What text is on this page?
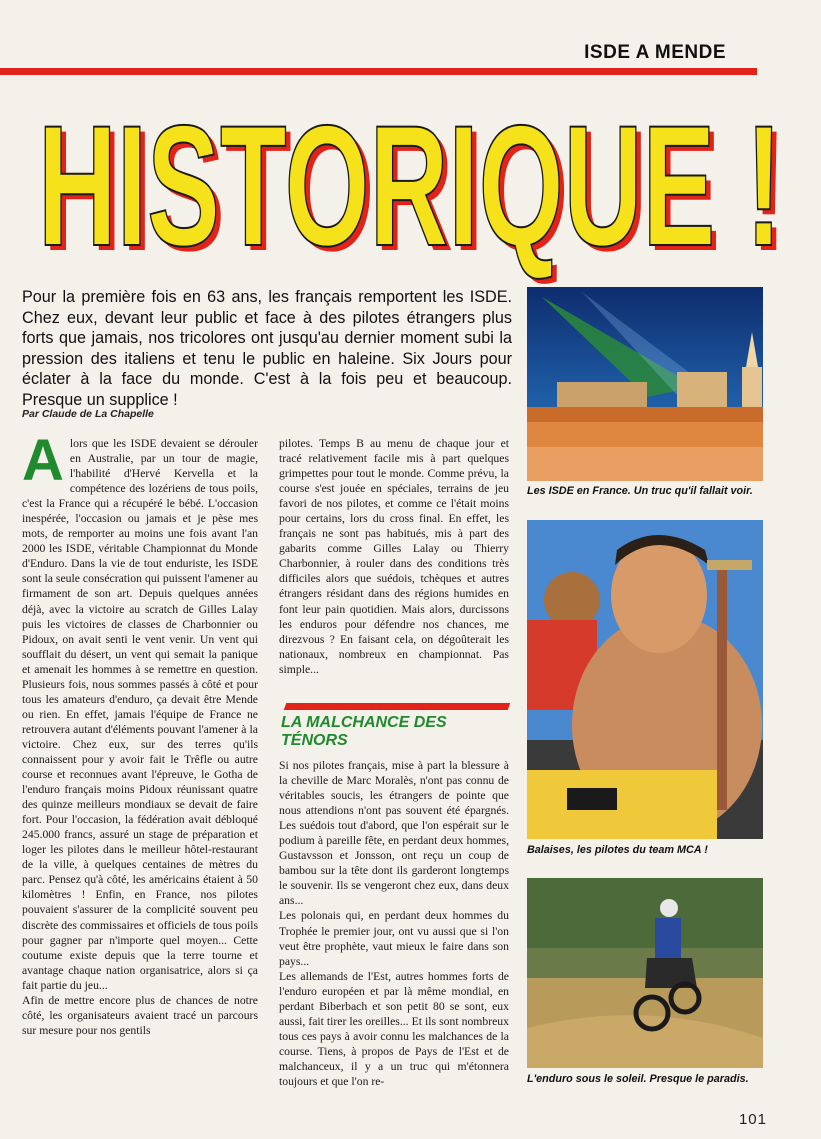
ISDE A MENDE
HISTORIQUE !
HISTORIQUE !

Pour la première fois en 63 ans, les français remportent les ISDE. Chez eux, devant leur public et face à des pilotes étrangers plus forts que jamais, nos tricolores ont jusqu'au dernier moment subi la pression des italiens et tenu le public en haleine. Six Jours pour éclater à la face du monde. C'est à la fois peu et beaucoup. Presque un supplice !

Par Claude de La Chapelle

Alors que les ISDE devaient se dérouler en Australie, par un tour de magie, l'habilité d'Hervé Kervella et la compétence des lozériens de tous poils, c'est la France qui a récupéré le bébé. L'occasion inespérée, l'occasion ou jamais et je pèse mes mots, de remporter au moins une fois avant l'an 2000 les ISDE, véritable Championnat du Monde d'Enduro. Dans la vie de tout enduriste, les ISDE sont la seule consécration qui puissent l'amener au firmament de son art. Depuis quelques années déjà, avec la victoire au scratch de Gilles Lalay puis les victoires de classes de Charbonnier ou Pidoux, on avait senti le vent venir. Un vent qui soufflait du désert, un vent qui semait la panique et amenait les hommes à se remettre en question. Plusieurs fois, nous sommes passés à côté et pour tous les amateurs d'enduro, ça devait être Mende ou rien. En effet, jamais l'équipe de France ne retrouvera autant d'éléments pouvant l'amener à la victoire. Chez eux, sur des terres qu'ils connaissent pour y avoir fait le Trêfle ou autre course et reconnues avant l'épreuve, le Gotha de l'enduro français moins Pidoux réunissant quatre des quinze meilleurs mondiaux se devait de faire fort. Pour l'occasion, la fédération avait débloqué 245.000 francs, assuré un stage de préparation et loger les pilotes dans le meilleur hôtel-restaurant de la ville, à quelques centaines de mètres du parc. Pensez qu'à côté, les américains étaient à 50 kilomètres ! Enfin, en France, nos pilotes pouvaient s'assurer de la complicité souvent peu discrète des commissaires et officiels de tous poils pour gagner par n'importe quel moyen... Cette coutume existe depuis que la terre tourne et avantage chaque nation organisatrice, alors si ça fait partie du jeu...

Afin de mettre encore plus de chances de notre côté, les organisateurs avaient tracé un parcours sur mesure pour nos gentils

pilotes. Temps B au menu de chaque jour et tracé relativement facile mis à part quelques grimpettes pour tout le monde. Comme prévu, la course s'est jouée en spéciales, terrains de jeu favori de nos pilotes, et comme ce l'était moins pour certains, lors du cross final. En effet, les français ne sont pas habitués, mis à part des gabarits comme Gilles Lalay ou Thierry Charbonnier, à rouler dans des conditions très difficiles alors que suédois, tchèques et autres étrangers résidant dans des régions humides en font leur pain quotidien. Mais alors, durcissons les enduros pour défendre nos chances, me direzvous ? En faisant cela, on dégoûterait les nationaux, nombreux en championnat. Pas simple...

LA MALCHANCE DES
TÉNORS

Si nos pilotes français, mise à part la blessure à la cheville de Marc Moralès, n'ont pas connu de véritables soucis, les étrangers de pointe que nous attendions n'ont pas souvent été épargnés. Les suédois tout d'abord, que l'on espérait sur le podium à pareille fête, en perdant deux hommes, Gustavsson et Jonsson, ont reçu un coup de bambou sur la tête dont ils garderont longtemps le souvenir. Ils se vengeront chez eux, dans deux ans...

Les polonais qui, en perdant deux hommes du Trophée le premier jour, ont vu aussi que si l'on veut être prophète, vaut mieux le faire dans son pays...

Les allemands de l'Est, autres hommes forts de l'enduro européen et par là même mondial, en perdant Biberbach et son petit 80 se sont, eux aussi, fait tirer les oreilles... Et ils sont nombreux tous ces pays à avoir connu les malchances de la course. Tiens, à propos de Pays de l'Est et de malchanceux, il y a un truc qui m'étonnera toujours et que l'on re-

Les ISDE en France. Un truc qu'il fallait voir.
Balaises, les pilotes du team MCA !
L'enduro sous le soleil. Presque le paradis.
101
